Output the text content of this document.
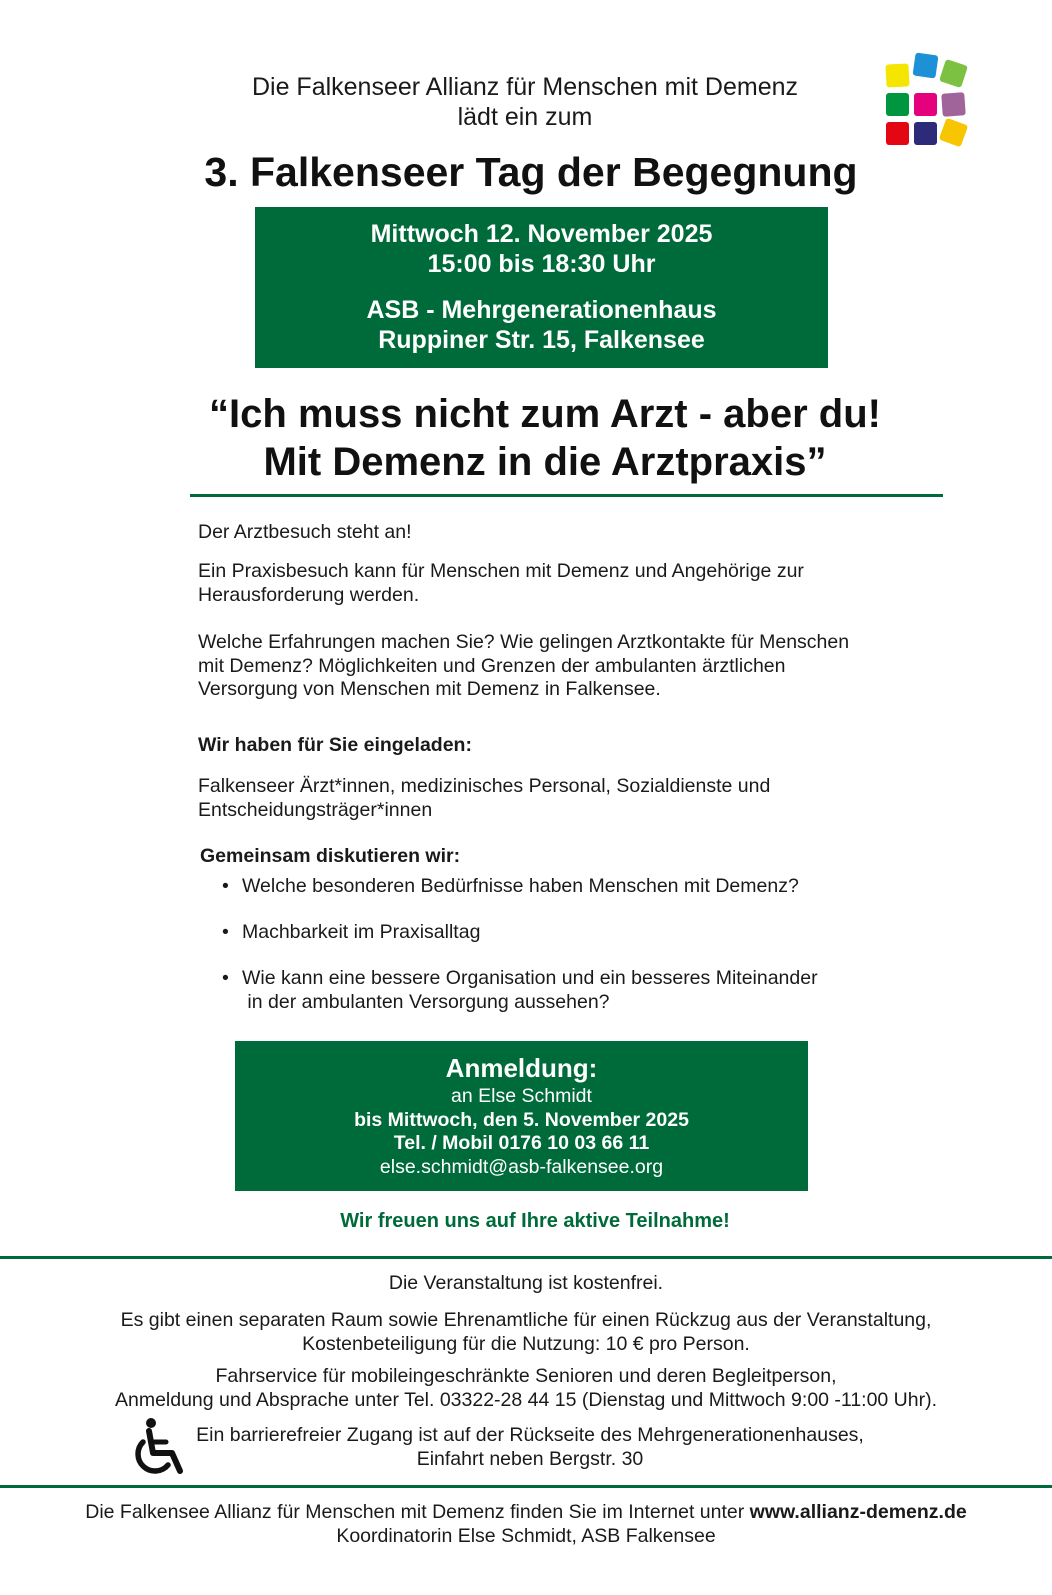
Die Falkenseer Allianz für Menschen mit Demenz
lädt ein zum
3. Falkenseer Tag der Begegnung
Mittwoch 12. November 2025
15:00 bis 18:30 Uhr
ASB - Mehrgenerationenhaus
Ruppiner Str. 15, Falkensee
“Ich muss nicht zum Arzt - aber du!
Mit Demenz in die Arztpraxis”
Der Arztbesuch steht an!
Ein Praxisbesuch kann für Menschen mit Demenz und Angehörige zur
Herausforderung werden.
Welche Erfahrungen machen Sie? Wie gelingen Arztkontakte für Menschen
mit Demenz? Möglichkeiten und Grenzen der ambulanten ärztlichen
Versorgung von Menschen mit Demenz in Falkensee.
Wir haben für Sie eingeladen:
Falkenseer Ärzt*innen, medizinisches Personal, Sozialdienste und
Entscheidungsträger*innen
Gemeinsam diskutieren wir:
• Welche besonderen Bedürfnisse haben Menschen mit Demenz?
• Machbarkeit im Praxisalltag
• Wie kann eine bessere Organisation und ein besseres Miteinander
in der ambulanten Versorgung aussehen?
Anmeldung:
an Else Schmidt
bis Mittwoch, den 5. November 2025
Tel. / Mobil 0176 10 03 66 11
else.schmidt@asb-falkensee.org
Wir freuen uns auf Ihre aktive Teilnahme!
Die Veranstaltung ist kostenfrei.
Es gibt einen separaten Raum sowie Ehrenamtliche für einen Rückzug aus der Veranstaltung,
Kostenbeteiligung für die Nutzung: 10 € pro Person.
Fahrservice für mobileingeschränkte Senioren und deren Begleitperson,
Anmeldung und Absprache unter Tel. 03322-28 44 15 (Dienstag und Mittwoch 9:00 -11:00 Uhr).
Ein barrierefreier Zugang ist auf der Rückseite des Mehrgenerationenhauses,
Einfahrt neben Bergstr. 30
Die Falkensee Allianz für Menschen mit Demenz finden Sie im Internet unter www.allianz-demenz.de
Koordinatorin Else Schmidt, ASB Falkensee
